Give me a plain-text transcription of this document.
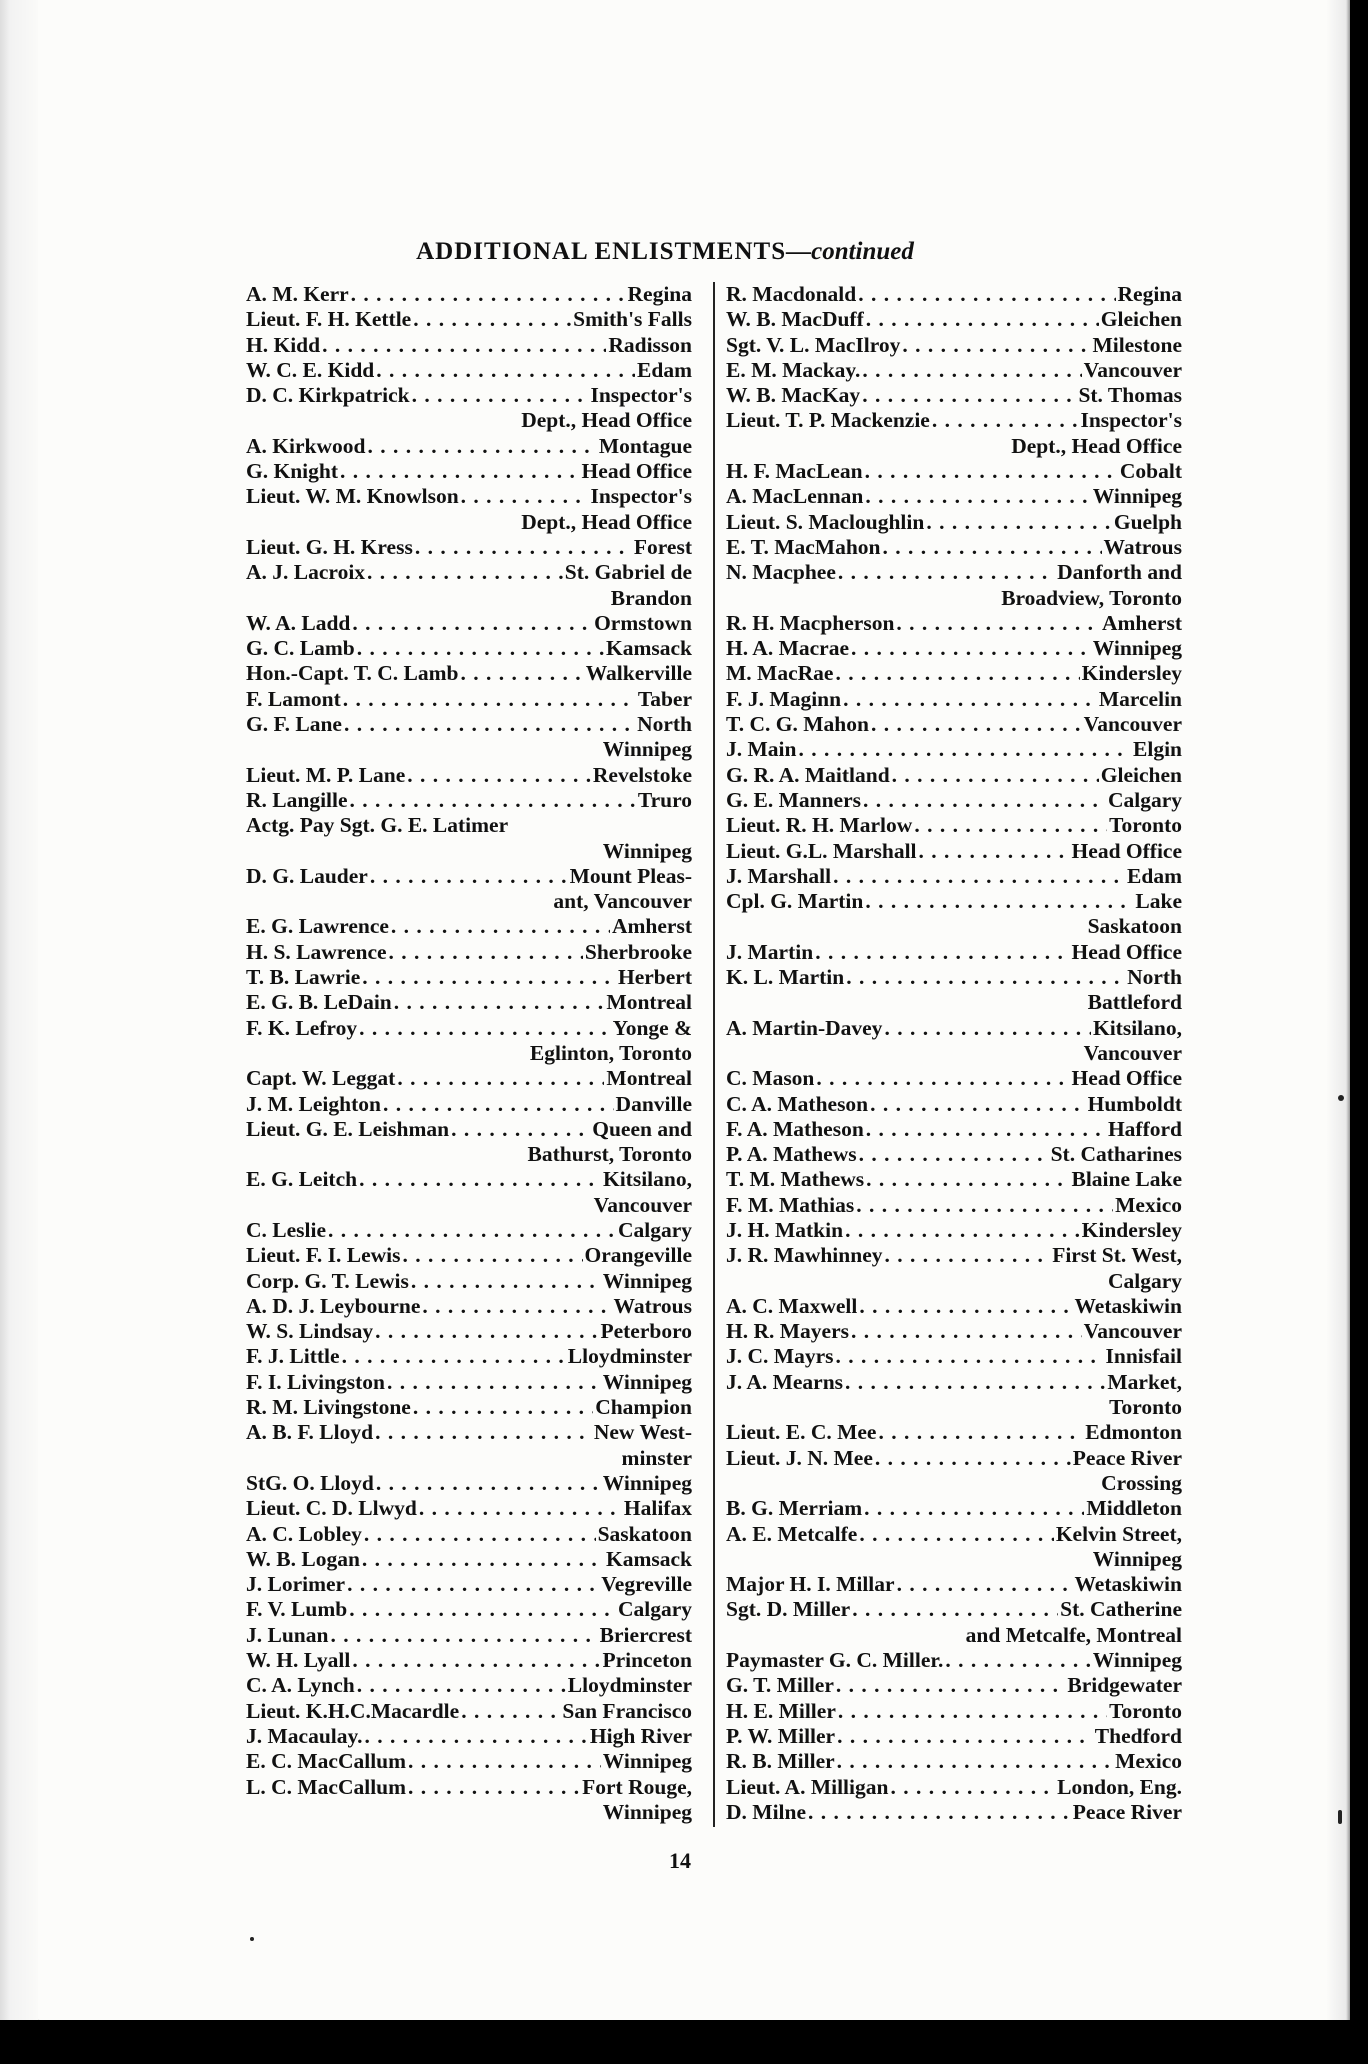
ADDITIONAL ENLISTMENTS—continued
A. M. Kerr . . .	Regina
Lieut. F. H. Kettle . . .	Smith's Falls
H. Kidd . . .	Radisson
W. C. E. Kidd . . .	Edam
D. C. Kirkpatrick . . .	Inspector's
Dept., Head Office
A. Kirkwood . . .	Montague
G. Knight . . .	Head Office
Lieut. W. M. Knowlson . . .	Inspector's
Dept., Head Office
Lieut. G. H. Kress . . .	Forest
A. J. Lacroix . . .	St. Gabriel de
Brandon
W. A. Ladd . . .	Ormstown
G. C. Lamb . . .	Kamsack
Hon.-Capt. T. C. Lamb . . .	Walkerville
F. Lamont . . .	Taber
G. F. Lane . . .	North
Winnipeg
Lieut. M. P. Lane . . .	Revelstoke
R. Langille . . .	Truro
Actg. Pay Sgt. G. E. Latimer
Winnipeg
D. G. Lauder . . .	Mount Pleas-
ant, Vancouver
E. G. Lawrence . . .	Amherst
H. S. Lawrence . . .	Sherbrooke
T. B. Lawrie . . .	Herbert
E. G. B. LeDain . . .	Montreal
F. K. Lefroy . . .	Yonge &
Eglinton, Toronto
Capt. W. Leggat . . .	Montreal
J. M. Leighton . . .	Danville
Lieut. G. E. Leishman . . .	Queen and
Bathurst, Toronto
E. G. Leitch . . .	Kitsilano,
Vancouver
C. Leslie . . .	Calgary
Lieut. F. I. Lewis . . .	Orangeville
Corp. G. T. Lewis . . .	Winnipeg
A. D. J. Leybourne . . .	Watrous
W. S. Lindsay . . .	Peterboro
F. J. Little . . .	Lloydminster
F. I. Livingston . . .	Winnipeg
R. M. Livingstone . . .	Champion
A. B. F. Lloyd . . .	New West-
minster
StG. O. Lloyd . . .	Winnipeg
Lieut. C. D. Llwyd . . .	Halifax
A. C. Lobley . . .	Saskatoon
W. B. Logan . . .	Kamsack
J. Lorimer . . .	Vegreville
F. V. Lumb . . .	Calgary
J. Lunan . . .	Briercrest
W. H. Lyall . . .	Princeton
C. A. Lynch . . .	Lloydminster
Lieut. K.H.C.Macardle . . .	San Francisco
J. Macaulay. . . .	High River
E. C. MacCallum . . .	Winnipeg
L. C. MacCallum . . .	Fort Rouge,
Winnipeg
R. Macdonald . . .	Regina
W. B. MacDuff . . .	Gleichen
Sgt. V. L. MacIlroy . . .	Milestone
E. M. Mackay. . . .	Vancouver
W. B. MacKay . . .	St. Thomas
Lieut. T. P. Mackenzie . . .	Inspector's
Dept., Head Office
H. F. MacLean . . .	Cobalt
A. MacLennan . . .	Winnipeg
Lieut. S. Macloughlin . . .	Guelph
E. T. MacMahon . . .	Watrous
N. Macphee . . .	Danforth and
Broadview, Toronto
R. H. Macpherson . . .	Amherst
H. A. Macrae . . .	Winnipeg
M. MacRae . . .	Kindersley
F. J. Maginn . . .	Marcelin
T. C. G. Mahon . . .	Vancouver
J. Main . . .	Elgin
G. R. A. Maitland . . .	Gleichen
G. E. Manners . . .	Calgary
Lieut. R. H. Marlow . . .	Toronto
Lieut. G.L. Marshall . . .	Head Office
J. Marshall . . .	Edam
Cpl. G. Martin . . .	Lake
Saskatoon
J. Martin . . .	Head Office
K. L. Martin . . .	North
Battleford
A. Martin-Davey . . .	Kitsilano,
Vancouver
C. Mason . . .	Head Office
C. A. Matheson . . .	Humboldt
F. A. Matheson . . .	Hafford
P. A. Mathews . . .	St. Catharines
T. M. Mathews . . .	Blaine Lake
F. M. Mathias . . .	Mexico
J. H. Matkin . . .	Kindersley
J. R. Mawhinney . . .	First St. West,
Calgary
A. C. Maxwell . . .	Wetaskiwin
H. R. Mayers . . .	Vancouver
J. C. Mayrs . . .	Innisfail
J. A. Mearns . . .	Market,
Toronto
Lieut. E. C. Mee . . .	Edmonton
Lieut. J. N. Mee . . .	Peace River
Crossing
B. G. Merriam . . .	Middleton
A. E. Metcalfe . . .	Kelvin Street,
Winnipeg
Major H. I. Millar . . .	Wetaskiwin
Sgt. D. Miller . . .	St. Catherine
and Metcalfe, Montreal
Paymaster G. C. Miller. . . .	Winnipeg
G. T. Miller . . .	Bridgewater
H. E. Miller . . .	Toronto
P. W. Miller . . .	Thedford
R. B. Miller . . .	Mexico
Lieut. A. Milligan . . .	London, Eng.
D. Milne . . .	Peace River
14
